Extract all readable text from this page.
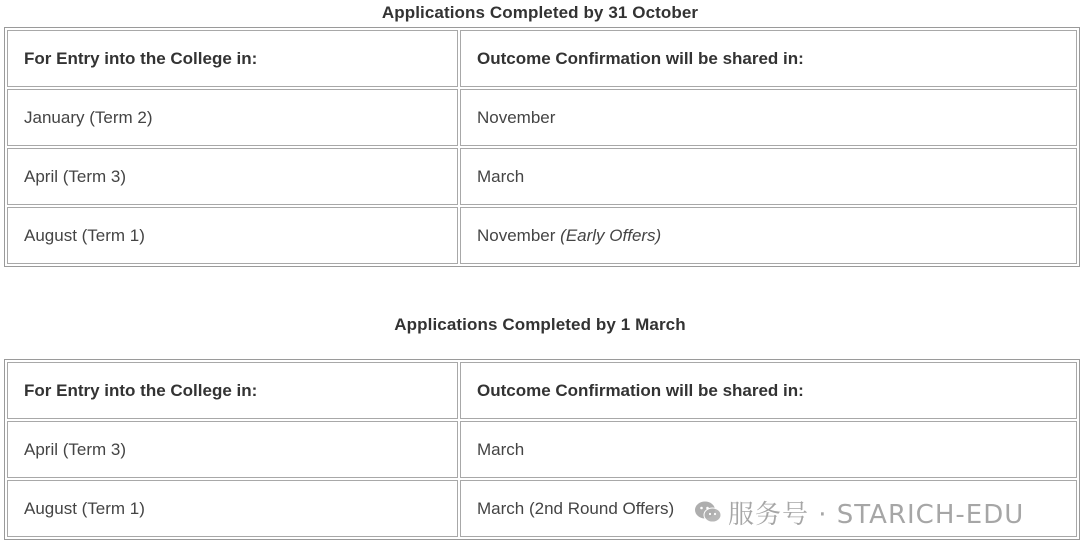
Applications Completed by 31 October
For Entry into the College in:	Outcome Confirmation will be shared in:
January (Term 2)	November
April (Term 3)	March
August (Term 1)	November (Early Offers)
Applications Completed by 1 March
For Entry into the College in:	Outcome Confirmation will be shared in:
April (Term 3)	March
August (Term 1)	March (2nd Round Offers) 服务号 · STARICH-EDU
